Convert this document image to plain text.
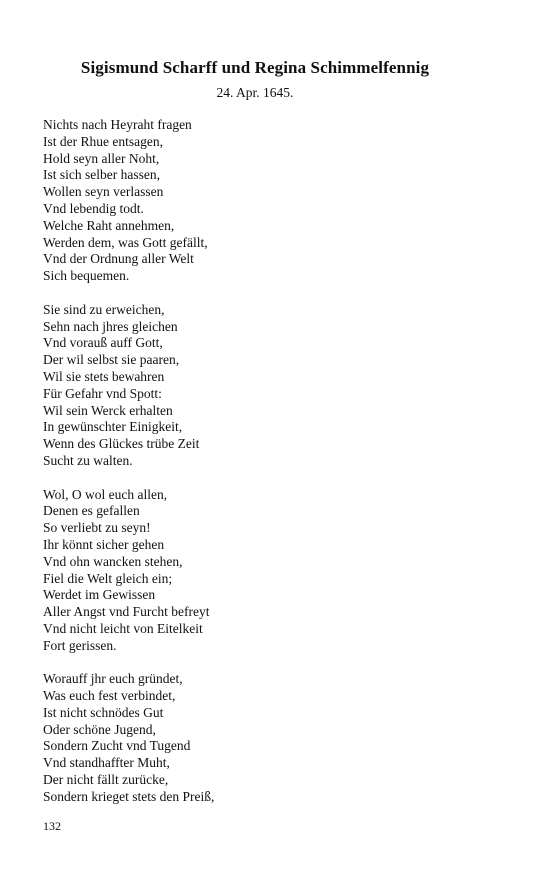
Sigismund Scharff und Regina Schimmelfennig
24. Apr. 1645.
Nichts nach Heyraht fragen
Ist der Rhue entsagen,
Hold seyn aller Noht,
Ist sich selber hassen,
Wollen seyn verlassen
Vnd lebendig todt.
Welche Raht annehmen,
Werden dem, was Gott gefällt,
Vnd der Ordnung aller Welt
Sich bequemen.
Sie sind zu erweichen,
Sehn nach jhres gleichen
Vnd vorauß auff Gott,
Der wil selbst sie paaren,
Wil sie stets bewahren
Für Gefahr vnd Spott:
Wil sein Werck erhalten
In gewünschter Einigkeit,
Wenn des Glückes trübe Zeit
Sucht zu walten.
Wol, O wol euch allen,
Denen es gefallen
So verliebt zu seyn!
Ihr könnt sicher gehen
Vnd ohn wancken stehen,
Fiel die Welt gleich ein;
Werdet im Gewissen
Aller Angst vnd Furcht befreyt
Vnd nicht leicht von Eitelkeit
Fort gerissen.
Worauff jhr euch gründet,
Was euch fest verbindet,
Ist nicht schnödes Gut
Oder schöne Jugend,
Sondern Zucht vnd Tugend
Vnd standhaffter Muht,
Der nicht fällt zurücke,
Sondern krieget stets den Preiß,
132
